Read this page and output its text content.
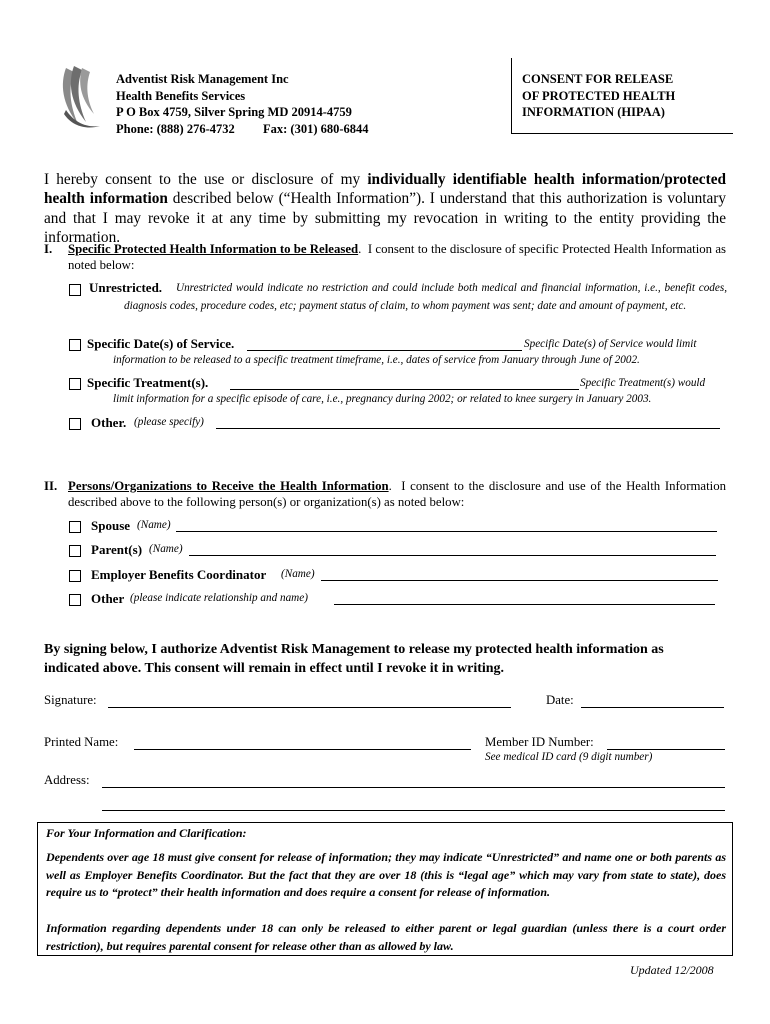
Adventist Risk Management Inc
Health Benefits Services
P O Box 4759, Silver Spring MD 20914-4759
Phone: (888) 276-4732 Fax: (301) 680-6844
CONSENT FOR RELEASE
OF PROTECTED HEALTH
INFORMATION (HIPAA)
I hereby consent to the use or disclosure of my individually identifiable health information/protected health information described below (“Health Information”). I understand that this authorization is voluntary and that I may revoke it at any time by submitting my revocation in writing to the entity providing the information.
I. Specific Protected Health Information to be Released.  I consent to the disclosure of specific Protected Health Information as noted below:
Unrestricted.	Unrestricted would indicate no restriction and could include both medical and financial information, i.e., benefit codes, diagnosis codes, procedure codes, etc; payment status of claim, to whom payment was sent; date and amount of payment, etc.
Specific Date(s) of Service.	Specific Date(s) of Service would limit
information to be released to a specific treatment timeframe, i.e., dates of service from January through June of 2002.
Specific Treatment(s).	Specific Treatment(s) would
limit information for a specific episode of care, i.e., pregnancy during 2002; or related to knee surgery in January 2003.
Other. (please specify)
II. Persons/Organizations to Receive the Health Information.  I consent to the disclosure and use of the Health Information described above to the following person(s) or organization(s) as noted below:
Spouse (Name)
Parent(s) (Name)
Employer Benefits Coordinator (Name)
Other (please indicate relationship and name)
By signing below, I authorize Adventist Risk Management to release my protected health information as
indicated above. This consent will remain in effect until I revoke it in writing.
Signature:	Date:
Printed Name:	Member ID Number:
See medical ID card (9 digit number)
Address:
For Your Information and Clarification:
Dependents over age 18 must give consent for release of information; they may indicate “Unrestricted” and name one or both parents as well as Employer Benefits Coordinator. But the fact that they are over 18 (this is “legal age” which may vary from state to state), does require us to “protect” their health information and does require a consent for release of information.
Information regarding dependents under 18 can only be released to either parent or legal guardian (unless there is a court order restriction), but requires parental consent for release other than as allowed by law.
Updated 12/2008
